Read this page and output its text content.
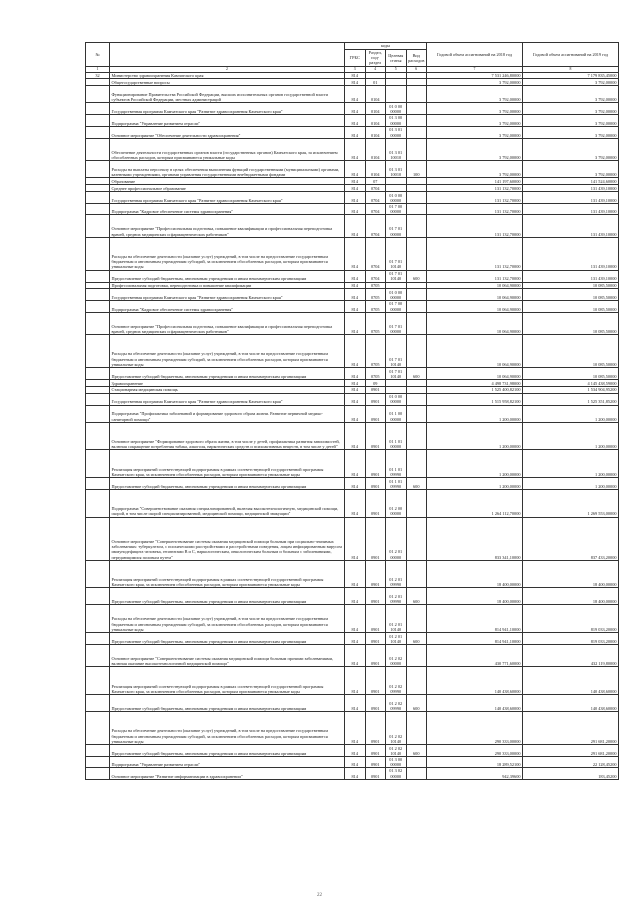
№		коды				Годовой объем ассигнований на 2018 год	Годовой объем ассигнований на 2019 год
		ГРБС	Раздел, под-раздел	Целевая статья	Вид расходов		
1	2	3	4	5	6	7	8
32	Министерство здравоохранения Камчатского края	814				7 531 246,80000	7 179 835,45000
	Общегосударственные вопросы	814	01			3 792,00000	3 792,00000
	Функционирование Правительства Российской Федерации, высших исполнительных органов государственной власти субъектов Российской Федерации, местных администраций	814	0104			3 792,00000	3 792,00000
	Государственная программа Камчатского края "Развитие здравоохранения Камчатского края"	814	0104	01 0 00 00000		3 792,00000	3 792,00000
	Подпрограмма "Управление развитием отрасли"	814	0104	01 3 00 00000		3 792,00000	3 792,00000
	Основное мероприятие "Обеспечение деятельности здравоохранения"	814	0104	01 3 01 00000		3 792,00000	3 792,00000
	Обеспечение деятельности государственных органов власти (государственных органов) Камчатского края, за исключением обособленных расходов, которым присваиваются уникальные коды	814	0104	01 3 01 10010		3 792,00000	3 792,00000
	Расходы на выплаты персоналу в целях обеспечения выполнения функций государственными (муниципальными) органами, казенными учреждениями, органами управления государственными внебюджетными фондами	814	0104	01 3 01 10010	100	3 792,00000	3 792,00000
	Образование	814	07			141 197,60000	141 524,60000
	Среднее профессиональное образование	814	0704			131 132,70000	131 439,10000
	Государственная программа Камчатского края "Развитие здравоохранения Камчатского края"	814	0704	01 0 00 00000		131 132,70000	131 439,10000
	Подпрограмма "Кадровое обеспечение системы здравоохранения"	814	0704	01 7 00 00000		131 132,70000	131 439,10000
	Основное мероприятие "Профессиональная подготовка, повышение квалификации и профессиональная переподготовка врачей, средних медицинских и фармацевтических работников"	814	0704	01 7 01 00000		131 132,70000	131 439,10000
	Расходы на обеспечение деятельности (оказание услуг) учреждений, в том числе на предоставление государственным бюджетным и автономным учреждениям субсидий, за исключением обособленных расходов, которым присваиваются уникальные коды	814	0704	01 7 01 10140		131 132,70000	131 439,10000
	Предоставление субсидий бюджетным, автономным учреждениям и иным некоммерческим организациям	814	0704	01 7 01 10140	600	131 132,70000	131 439,10000
	Профессиональная подготовка, переподготовка и повышение квалификации	814	0705			10 064,90000	10 085,50000
	Государственная программа Камчатского края "Развитие здравоохранения Камчатского края"	814	0705	01 0 00 00000		10 064,90000	10 085,50000
	Подпрограмма "Кадровое обеспечение системы здравоохранения"	814	0705	01 7 00 00000		10 064,90000	10 085,50000
	Основное мероприятие "Профессиональная подготовка, повышение квалификации и профессиональная переподготовка врачей, средних медицинских и фармацевтических работников"	814	0705	01 7 01 00000		10 064,90000	10 085,50000
	Расходы на обеспечение деятельности (оказание услуг) учреждений, в том числе на предоставление государственным бюджетным и автономным учреждениям субсидий, за исключением обособленных расходов, которым присваиваются уникальные коды	814	0705	01 7 01 10140		10 064,90000	10 085,50000
	Предоставление субсидий бюджетным, автономным учреждениям и иным некоммерческим организациям	814	0705	01 7 01 10140	600	10 064,90000	10 085,50000
	Здравоохранение	814	09			4 498 731,98000	4 145 438,59000
	Стационарная медицинская помощь	814	0901			1 525 400,82100	1 534 904,95200
	Государственная программа Камчатского края "Развитие здравоохранения Камчатского края"	814	0901	01 0 00 00000		1 515 958,82100	1 525 351,85200
	Подпрограмма "Профилактика заболеваний и формирование здорового образа жизни. Развитие первичной медико-санитарной помощи"	814	0901	01 1 00 00000		1 200,00000	1 200,00000
	Основное мероприятие "Формирование здорового образа жизни, в том числе у детей, профилактика развития зависимостей, включая сокращение потребления табака, алкоголя, наркотических средств и психоактивных веществ, в том числе у детей"	814	0901	01 1 01 00000		1 200,00000	1 200,00000
	Реализация мероприятий соответствующей подпрограммы в рамках соответствующей государственной программы Камчатского края, за исключением обособленных расходов, которым присваиваются уникальные коды	814	0901	01 1 01 09990		1 200,00000	1 200,00000
	Предоставление субсидий бюджетным, автономным учреждениям и иным некоммерческим организациям	814	0901	01 1 01 09990	600	1 200,00000	1 200,00000
	Подпрограмма "Совершенствование оказания специализированной, включая высокотехнологичную, медицинской помощи, скорой, в том числе скорой специализированной, медицинской помощи, медицинской эвакуации"	814	0901	01 2 00 00000		1 264 112,70000	1 269 553,00000
	Основное мероприятие "Совершенствование системы оказания медицинской помощи больным при социально-значимых заболеваниях: туберкулезом, с психическими расстройствами и расстройствами поведения, лицам инфицированным вирусом иммунодефицита человека, гепатитами В и С, наркологическим, онкологическим больным и больным с заболеваниями, передающимися половым путем"	814	0901	01 2 01 00000		833 341,10000	837 433,20000
	Реализация мероприятий соответствующей подпрограммы в рамках соответствующей государственной программы Камчатского края, за исключением обособленных расходов, которым присваиваются уникальные коды	814	0901	01 2 01 09990		18 400,00000	18 400,00000
	Предоставление субсидий бюджетным, автономным учреждениям и иным некоммерческим организациям	814	0901	01 2 01 09990	600	18 400,00000	18 400,00000
	Расходы на обеспечение деятельности (оказание услуг) учреждений, в том числе на предоставление государственным бюджетным и автономным учреждениям субсидий, за исключением обособленных расходов, которым присваиваются уникальные коды	814	0901	01 2 01 10140		814 941,10000	819 033,20000
	Предоставление субсидий бюджетным, автономным учреждениям и иным некоммерческим организациям	814	0901	01 2 01 10140	600	814 941,10000	819 033,20000
	Основное мероприятие "Совершенствование системы оказания медицинской помощи больным прочими заболеваниями, включая оказание высокотехнологичной медицинской помощи"	814	0901	01 2 02 00000		430 771,60000	432 119,80000
	Реализация мероприятий соответствующей подпрограммы в рамках соответствующей государственной программы Камчатского края, за исключением обособленных расходов, которым присваиваются уникальные коды	814	0901	01 2 02 09990		140 438,60000	140 438,60000
	Предоставление субсидий бюджетным, автономным учреждениям и иным некоммерческим организациям	814	0901	01 2 02 09990	600	140 438,60000	140 438,60000
	Расходы на обеспечение деятельности (оказание услуг) учреждений, в том числе на предоставление государственным бюджетным и автономным учреждениям субсидий, за исключением обособленных расходов, которым присваиваются уникальные коды	814	0901	01 2 02 10140		290 333,00000	291 681,20000
	Предоставление субсидий бюджетным, автономным учреждениям и иным некоммерческим организациям	814	0901	01 2 02 10140	600	290 333,00000	291 681,20000
	Подпрограмма "Управление развитием отрасли"	814	0901	01 3 00 00000		18 289,52100	22 128,45200
	Основное мероприятие "Развитие информатизации в здравоохранении"	814	0901	01 3 02 00000		942,39600	183,45200
22
